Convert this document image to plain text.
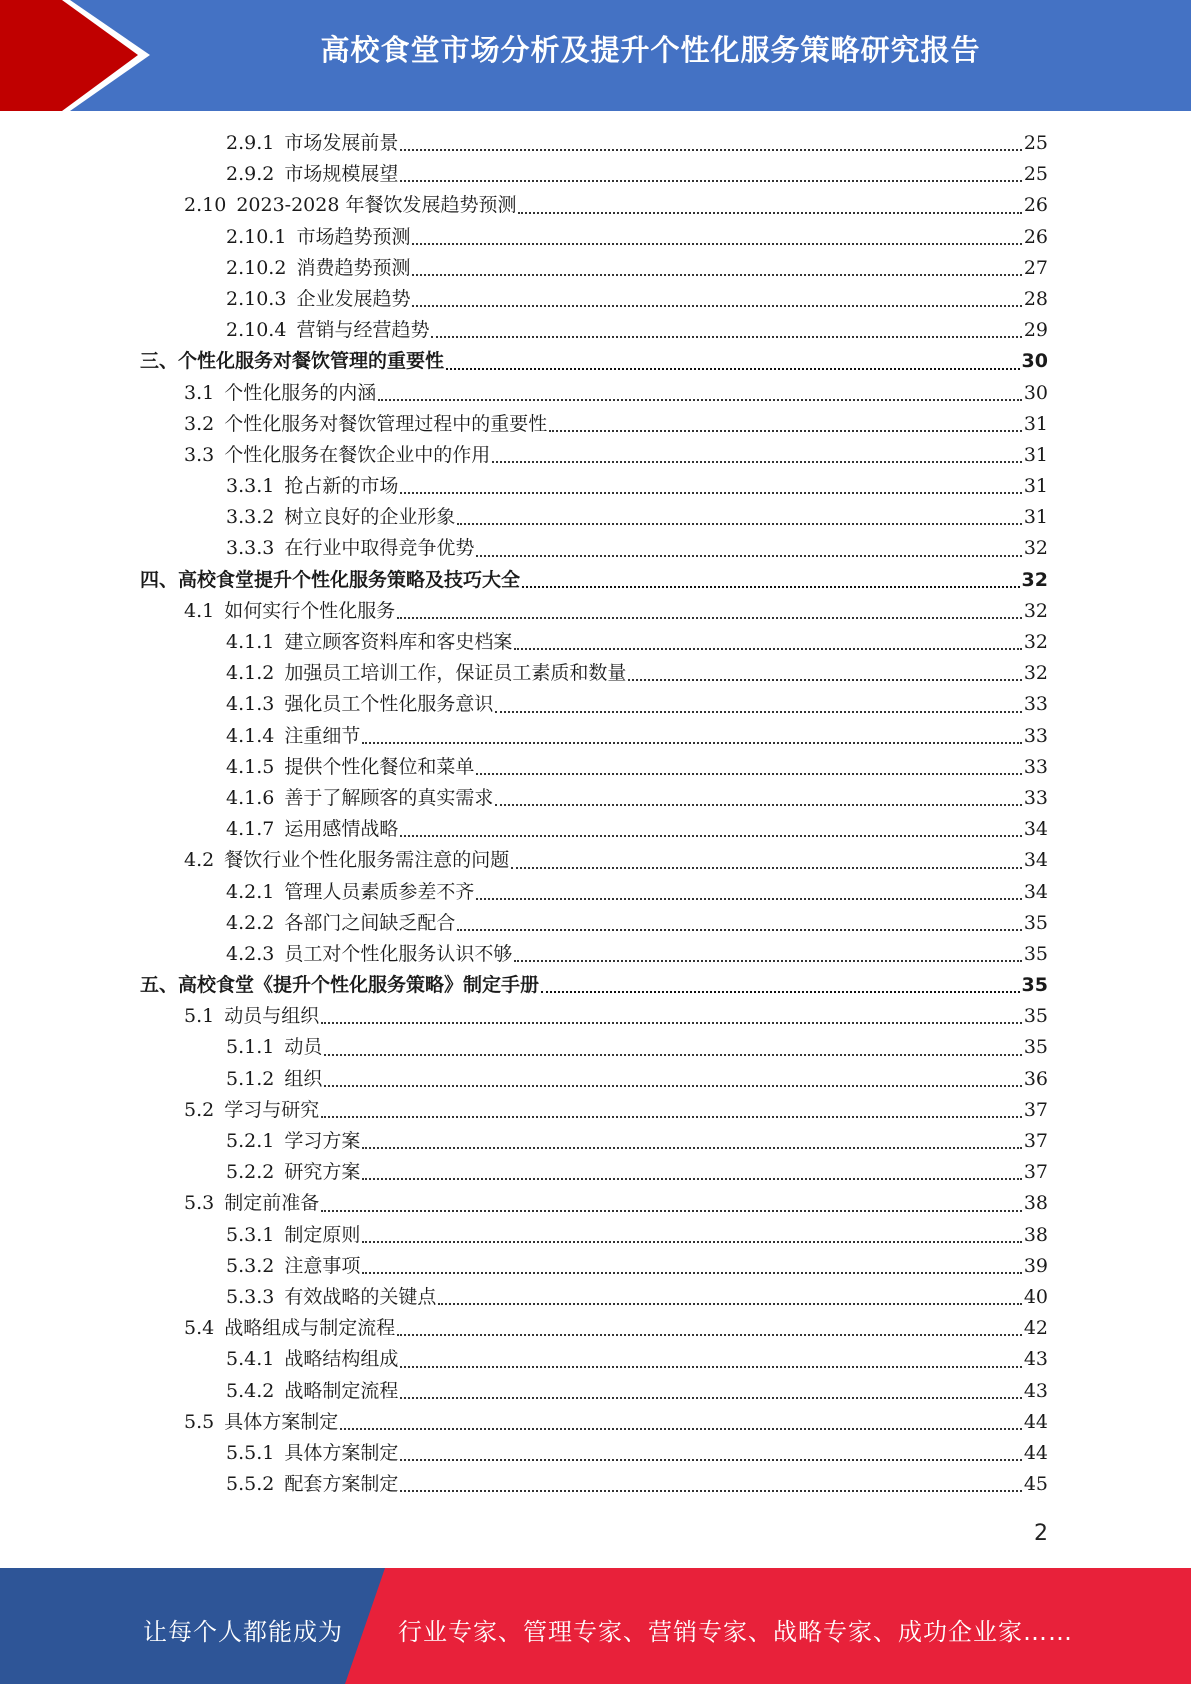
高校食堂市场分析及提升个性化服务策略研究报告
2.9.1 市场发展前景	25
2.9.2 市场规模展望	25
2.10 2023-2028 年餐饮发展趋势预测	26
2.10.1 市场趋势预测	26
2.10.2 消费趋势预测	27
2.10.3 企业发展趋势	28
2.10.4 营销与经营趋势	29
三、 个性化服务对餐饮管理的重要性	30
3.1 个性化服务的内涵	30
3.2 个性化服务对餐饮管理过程中的重要性	31
3.3 个性化服务在餐饮企业中的作用	31
3.3.1 抢占新的市场	31
3.3.2 树立良好的企业形象	31
3.3.3 在行业中取得竞争优势	32
四、 高校食堂提升个性化服务策略及技巧大全	32
4.1 如何实行个性化服务	32
4.1.1 建立顾客资料库和客史档案	32
4.1.2 加强员工培训工作，保证员工素质和数量	32
4.1.3 强化员工个性化服务意识	33
4.1.4 注重细节	33
4.1.5 提供个性化餐位和菜单	33
4.1.6 善于了解顾客的真实需求	33
4.1.7 运用感情战略	34
4.2 餐饮行业个性化服务需注意的问题	34
4.2.1 管理人员素质参差不齐	34
4.2.2 各部门之间缺乏配合	35
4.2.3 员工对个性化服务认识不够	35
五、 高校食堂《提升个性化服务策略》制定手册	35
5.1 动员与组织	35
5.1.1 动员	35
5.1.2 组织	36
5.2 学习与研究	37
5.2.1 学习方案	37
5.2.2 研究方案	37
5.3 制定前准备	38
5.3.1 制定原则	38
5.3.2 注意事项	39
5.3.3 有效战略的关键点	40
5.4 战略组成与制定流程	42
5.4.1 战略结构组成	43
5.4.2 战略制定流程	43
5.5 具体方案制定	44
5.5.1 具体方案制定	44
5.5.2 配套方案制定	45
2
让每个人都能成为 行业专家、管理专家、营销专家、战略专家、成功企业家……
